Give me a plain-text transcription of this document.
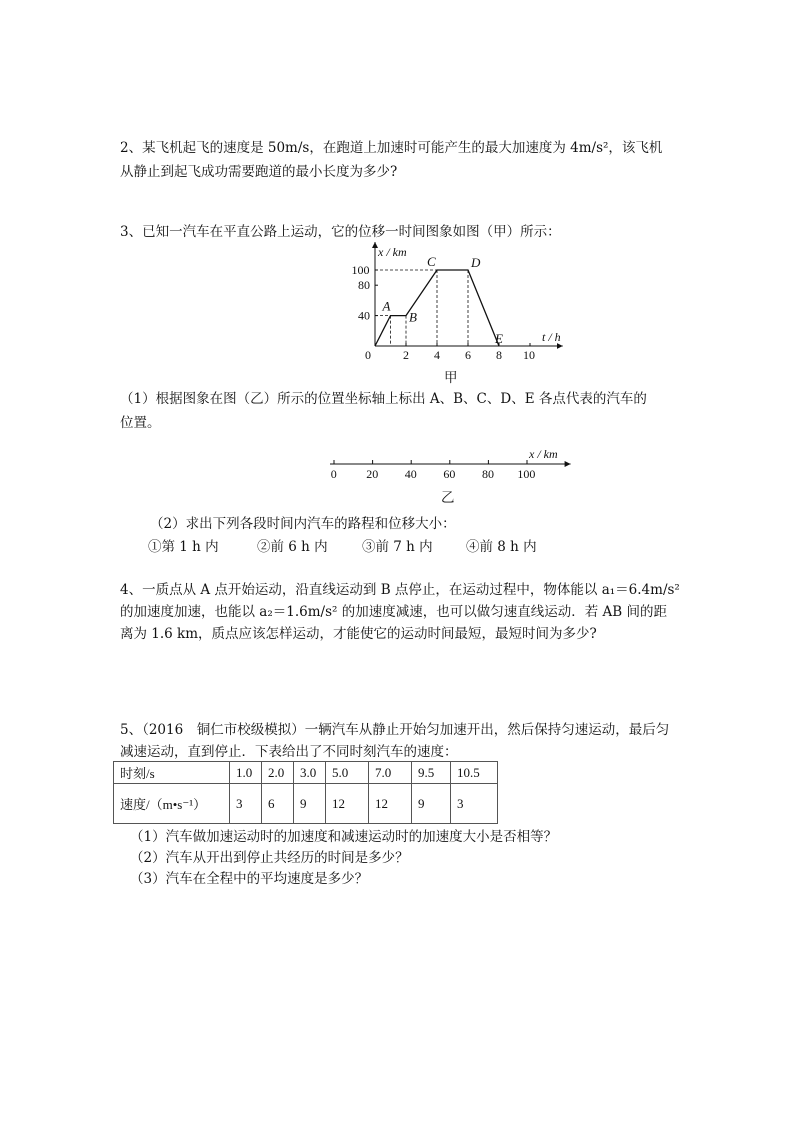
2、某飞机起飞的速度是 50m/s，在跑道上加速时可能产生的最大加速度为 4m/s²，该飞机

从静止到起飞成功需要跑道的最小长度为多少?

3、已知一汽车在平直公路上运动，它的位移一时间图象如图（甲）所示：

x / km
t / h
0	2 4 6 8 10
40
80
100
A
B
C	D
E
甲

（1）根据图象在图（乙）所示的位置坐标轴上标出 A、B、C、D、E 各点代表的汽车的

位置。

0 20 40 60 80 100
x / km
乙

（2）求出下列各段时间内汽车的路程和位移大小：

①第 1 h 内	②前 6 h 内	③前 7 h 内 ④前 8 h 内

4、一质点从 A 点开始运动，沿直线运动到 B 点停止，在运动过程中，物体能以 a₁＝6.4m/s²

的加速度加速，也能以 a₂＝1.6m/s² 的加速度减速，也可以做匀速直线运动．若 AB 间的距

离为 1.6 km，质点应该怎样运动，才能使它的运动时间最短，最短时间为多少?

5、（2016　铜仁市校级模拟）一辆汽车从静止开始匀加速开出，然后保持匀速运动，最后匀

减速运动，直到停止．下表给出了不同时刻汽车的速度：

时刻/s	1.0	2.0	3.0	5.0	7.0	9.5	10.5
速度/（m•s⁻¹）	3	6	9	12	12	9	3
（1）汽车做加速运动时的加速度和减速运动时的加速度大小是否相等？
（2）汽车从开出到停止共经历的时间是多少？
（3）汽车在全程中的平均速度是多少？
